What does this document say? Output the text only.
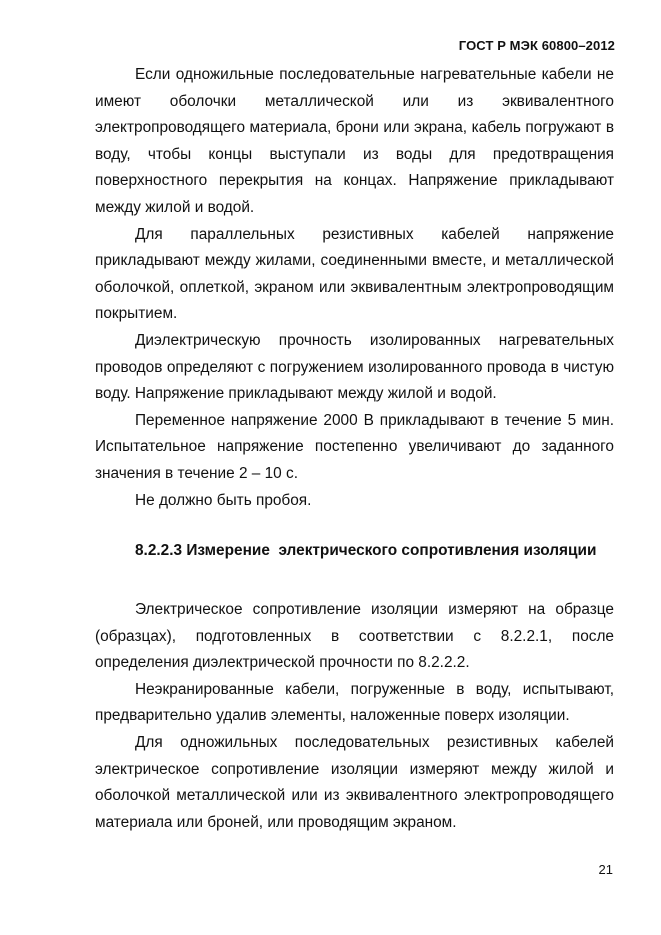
ГОСТ Р МЭК 60800–2012

Если одножильные последовательные нагревательные кабели не имеют оболочки металлической или из эквивалентного электропроводящего материала, брони или экрана, кабель погружают в воду, чтобы концы выступали из воды для предотвращения поверхностного перекрытия на концах. Напряжение прикладывают между жилой и водой.

Для параллельных резистивных кабелей напряжение прикладывают между жилами, соединенными вместе, и металлической оболочкой, оплеткой, экраном или эквивалентным электропроводящим покрытием.

Диэлектрическую прочность изолированных нагревательных проводов определяют с погружением изолированного провода в чистую воду. Напряжение прикладывают между жилой и водой.

Переменное напряжение 2000 В прикладывают в течение 5 мин. Испытательное напряжение постепенно увеличивают до заданного значения в течение 2 – 10 с.

Не должно быть пробоя.

8.2.2.3 Измерение  электрического сопротивления изоляции

Электрическое сопротивление изоляции измеряют на образце (образцах), подготовленных в соответствии с 8.2.2.1, после определения диэлектрической прочности по 8.2.2.2.

Неэкранированные кабели, погруженные в воду, испытывают, предварительно удалив элементы, наложенные поверх изоляции.

Для одножильных последовательных резистивных кабелей электрическое сопротивление изоляции измеряют между жилой и оболочкой металлической или из эквивалентного электропроводящего материала или броней, или проводящим экраном.

21
